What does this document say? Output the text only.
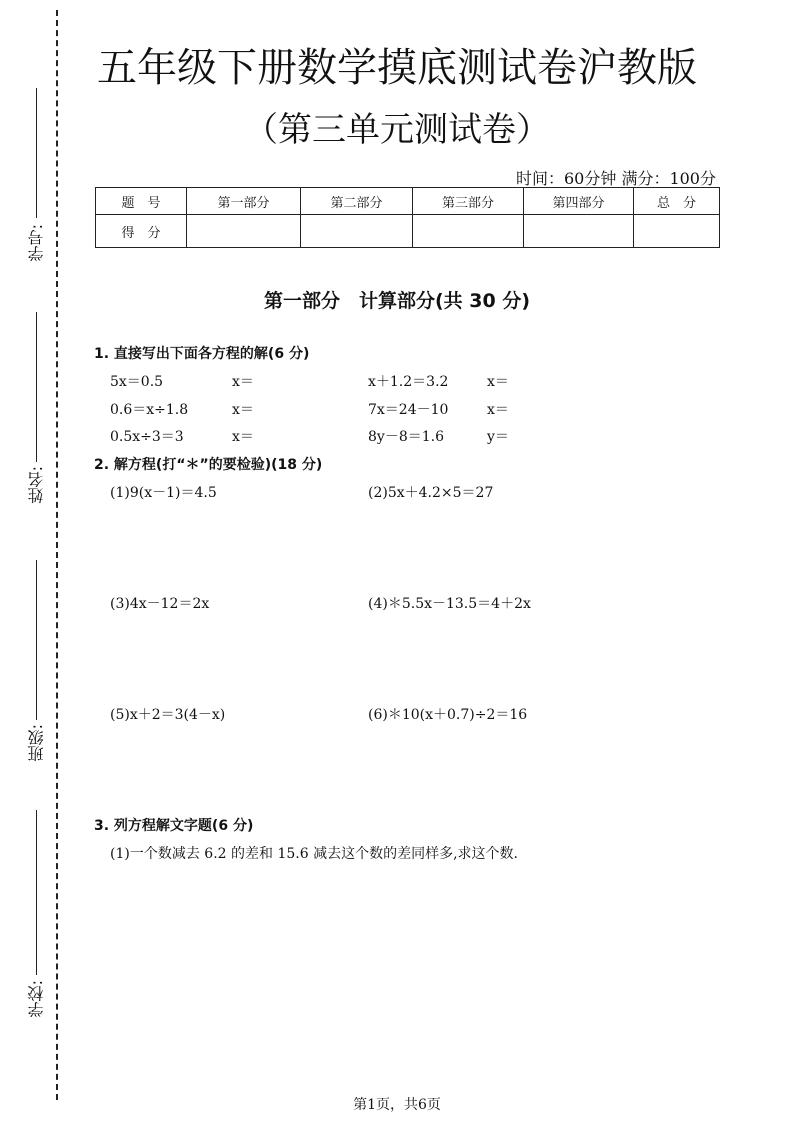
学号:
姓名:
班级:
学校:
五年级下册数学摸底测试卷沪教版
（第三单元测试卷）
时间：60分钟 满分：100分
题　号	第一部分	第二部分	第三部分	第四部分	总　分
得　分					
第一部分　计算部分(共 30 分)
1. 直接写出下面各方程的解(6 分)
5x＝0.5	x＝	x＋1.2＝3.2	x＝
0.6＝x÷1.8	x＝	7x＝24－10	x＝
0.5x÷3＝3	x＝	8y－8＝1.6	y＝
2. 解方程(打“＊”的要检验)(18 分)
(1)9(x－1)＝4.5	(2)5x＋4.2×5＝27
(3)4x－12＝2x	(4)＊5.5x－13.5＝4＋2x
(5)x＋2＝3(4－x)	(6)＊10(x＋0.7)÷2＝16
3. 列方程解文字题(6 分)
(1)一个数减去 6.2 的差和 15.6 减去这个数的差同样多,求这个数.
第1页，共6页
